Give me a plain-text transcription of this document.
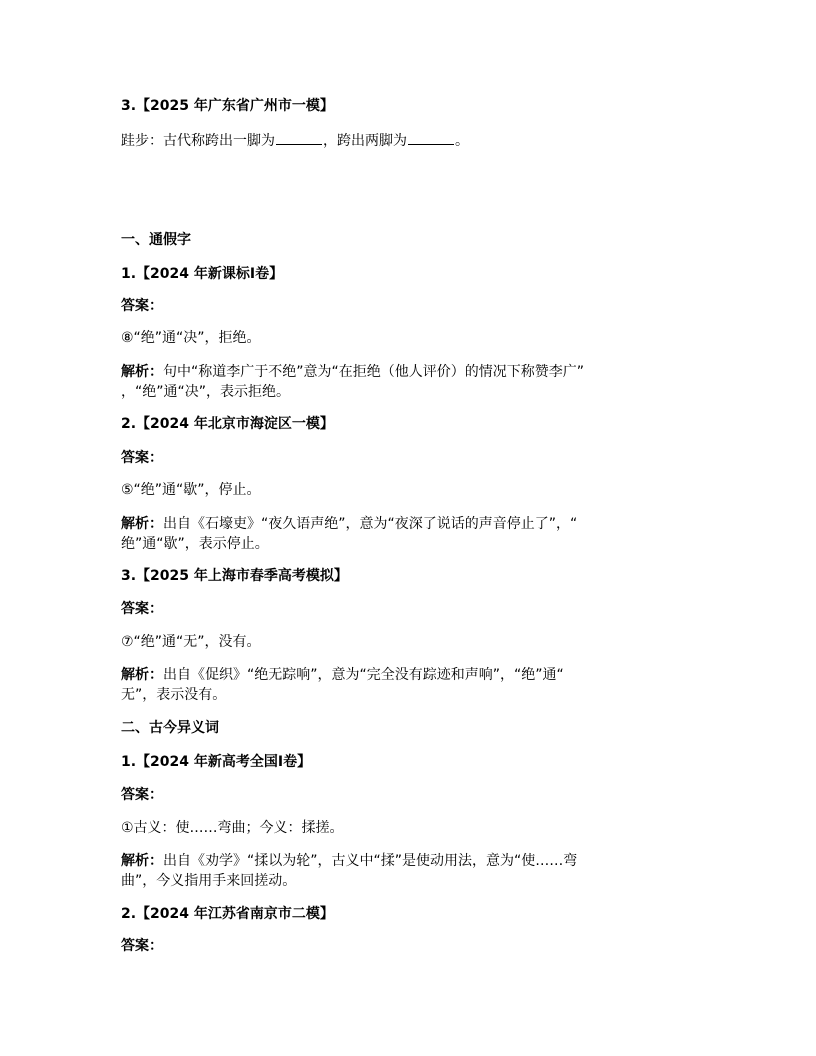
3.【2025 年广东省广州市一模】
跬步：古代称跨出一脚为	，跨出两脚为	。
一、通假字
1.【2024 年新课标Ⅰ卷】
答案：
⑧“绝”通“决”，拒绝。
解析：句中“称道李广于不绝”意为“在拒绝（他人评价）的情况下称赞李广”
，“绝”通“决”，表示拒绝。
2.【2024 年北京市海淀区一模】
答案：
⑤“绝”通“歇”，停止。
解析：出自《石壕吏》“夜久语声绝”，意为“夜深了说话的声音停止了”，“
绝”通“歇”，表示停止。
3.【2025 年上海市春季高考模拟】
答案：
⑦“绝”通“无”，没有。
解析：出自《促织》“绝无踪响”，意为“完全没有踪迹和声响”，“绝”通“
无”，表示没有。
二、古今异义词
1.【2024 年新高考全国Ⅰ卷】
答案：
①古义：使……弯曲；今义：揉搓。
解析：出自《劝学》“揉以为轮”，古义中“揉”是使动用法，意为“使……弯
曲”，今义指用手来回搓动。
2.【2024 年江苏省南京市二模】
答案：
